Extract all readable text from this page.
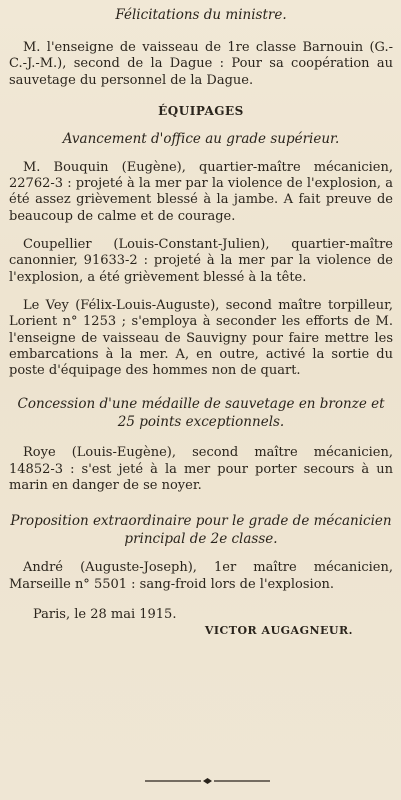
Félicitations du ministre.

M. l'enseigne de vaisseau de 1re classe Barnouin (G.-C.-J.-M.), second de la Dague : Pour sa coopération au sauvetage du personnel de la Dague.

ÉQUIPAGES

Avancement d'office au grade supérieur.

M. Bouquin (Eugène), quartier-maître mécanicien, 22762-3 : projeté à la mer par la violence de l'explosion, a été assez grièvement blessé à la jambe. A fait preuve de beaucoup de calme et de courage.

Coupellier (Louis-Constant-Julien), quartier-maître canonnier, 91633-2 : projeté à la mer par la violence de l'explosion, a été grièvement blessé à la tête.

Le Vey (Félix-Louis-Auguste), second maître torpilleur, Lorient n° 1253 ; s'employa à seconder les efforts de M. l'enseigne de vaisseau de Sauvigny pour faire mettre les embarcations à la mer. A, en outre, activé la sortie du poste d'équipage des hommes non de quart.

Concession d'une médaille de sauvetage en bronze et 25 points exceptionnels.

Roye (Louis-Eugène), second maître mécanicien, 14852-3 : s'est jeté à la mer pour porter secours à un marin en danger de se noyer.

Proposition extraordinaire pour le grade de mécanicien principal de 2e classe.

André (Auguste-Joseph), 1er maître mécanicien, Marseille n° 5501 : sang-froid lors de l'explosion.

Paris, le 28 mai 1915.
VICTOR AUGAGNEUR.
